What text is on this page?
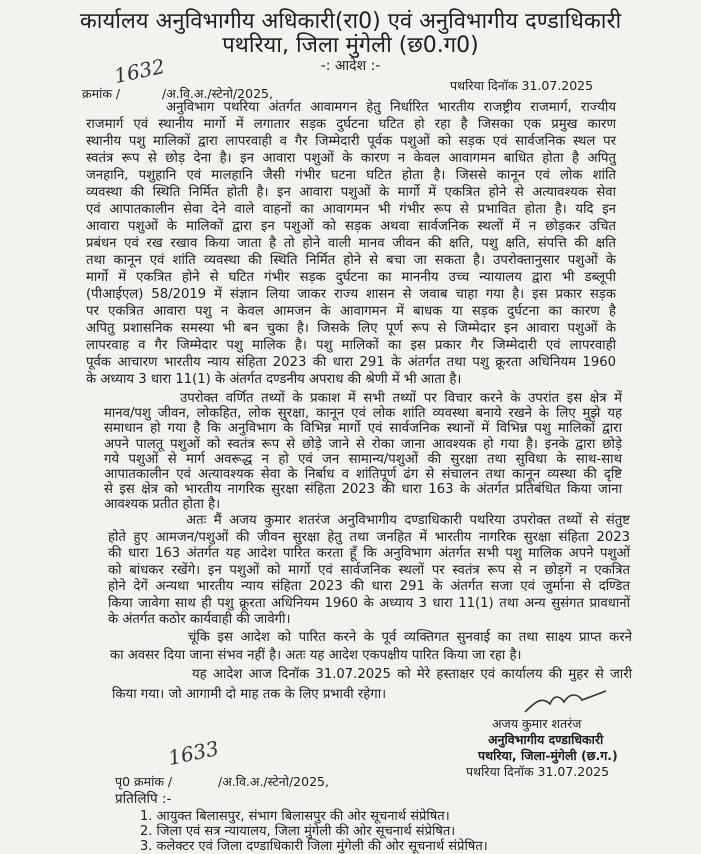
कार्यालय अनुविभागीय अधिकारी(रा0) एवं अनुविभागीय दण्डाधिकारी
पथरिया, जिला मुंगेली (छ0.ग0)
-: आदेश :-
क्रमांक /
1632
/अ.वि.अ./स्टेनो/2025,
पथरिया दिनॉक 31.07.2025
अनुविभाग पथरिया अंतर्गत आवामगन हेतु निर्धारित भारतीय राजष्ट्रीय राजमार्ग, राज्यीय
राजमार्ग एवं स्थानीय मार्गो में लगातार सड़क दुर्घटना घटित हो रहा है जिसका एक प्रमुख कारण
स्थानीय पशु मालिकों द्वारा लापरवाही व गैर जिम्मेदारी पूर्वक पशुओं को सड़क एवं सार्वजनिक स्थल पर
स्वतंत्र रूप से छोड़ देना है। इन आवारा पशुओं के कारण न केवल आवागमन बाधित होता है अपितु
जनहानि, पशुहानि एवं मालहानि जैसी गंभीर घटना घटित होता है। जिससे कानून एवं लोक शांति
व्यवस्था की स्थिति निर्मित होती है। इन आवारा पशुओं के मार्गो में एकत्रित होने से अत्यावश्यक सेवा
एवं आपातकालीन सेवा देने वाले वाहनों का आवागमन भी गंभीर रूप से प्रभावित होता है। यदि इन
आवारा पशुओं के मालिकों द्वारा इन पशुओं को सड़क अथवा सार्वजनिक स्थलों में न छोड़कर उचित
प्रबंधन एवं रख रखाव किया जाता है तो होने वाली मानव जीवन की क्षति, पशु क्षति, संपत्ति की क्षति
तथा कानून एवं शांति व्यवस्था की स्थिति निर्मित होने से बचा जा सकता है। उपरोक्तानुसार पशुओं के
मार्गो में एकत्रित होने से घटित गंभीर सड़क दुर्घटना का माननीय उच्च न्यायालय द्वारा भी डब्लूपी
(पीआईएल) 58/2019 में संज्ञान लिया जाकर राज्य शासन से जवाब चाहा गया है। इस प्रकार सड़क
पर एकत्रित आवारा पशु न केवल आमजन के आवागमन में बाधक या सड़क दुर्घटना का कारण है
अपितु प्रशासनिक समस्या भी बन चुका है। जिसके लिए पूर्ण रूप से जिम्मेदार इन आवारा पशुओं के
लापरवाह व गैर जिम्मेदार पशु मालिक है। पशु मालिकों का इस प्रकार गैर जिम्मेदारी एवं लापरवाही
पूर्वक आचारण भारतीय न्याय संहिता 2023 की धारा 291 के अंतर्गत तथा पशु क्रूरता अधिनियम 1960
के अध्याय 3 धारा 11(1) के अंतर्गत दण्डनीय अपराध की श्रेणी में भी आता है।
उपरोक्त वर्णित तथ्यों के प्रकाश में सभी तथ्यों पर विचार करने के उपरांत इस क्षेत्र में
मानव/पशु जीवन, लोकहित, लोक सुरक्षा, कानून एवं लोक शांति व्यवस्था बनाये रखने के लिए मुझे यह
समाधान हो गया है कि अनुविभाग के विभिन्न मार्गो एवं सार्वजनिक स्थानों में विभिन्न पशु मालिकों द्वारा
अपने पालतू पशुओं को स्वतंत्र रूप से छोड़े जाने से रोका जाना आवश्यक हो गया है। इनके द्वारा छोड़े
गये पशुओं से मार्ग अवरूद्ध न हो एवं जन सामान्य/पशुओं की सुरक्षा तथा सुविधा के साथ-साथ
आपातकालीन एवं अत्यावश्यक सेवा के निर्बाध व शांतिपूर्ण ढंग से संचालन तथा कानून व्यस्था की दृष्टि
से इस क्षेत्र को भारतीय नागरिक सुरक्षा संहिता 2023 की धारा 163 के अंतर्गत प्रतिबंधित किया जाना
आवश्यक प्रतीत होता है।
अतः मैं अजय कुमार शतरंज अनुविभागीय दण्डाधिकारी पथरिया उपरोक्त तथ्यों से संतुष्ट
होते हुए आमजन/पशुओं की जीवन सुरक्षा हेतु तथा जनहित में भारतीय नागरिक सुरक्षा संहिता 2023
की धारा 163 अंतर्गत यह आदेश पारित करता हूँ कि अनुविभाग अंतर्गत सभी पशु मालिक अपने पशुओं
को बांधकर रखेंगे। इन पशुओं को मार्गो एवं सार्वजनिक स्थलों पर स्वतंत्र रूप से न छोड़गें न एकत्रित
होने देगें अन्यथा भारतीय न्याय संहिता 2023 की धारा 291 के अंतर्गत सजा एवं जुर्माना से दण्डित
किया जावेगा साथ ही पशु क्रूरता अधिनियम 1960 के अध्याय 3 धारा 11(1) तथा अन्य सुसंगत प्रावधानों
के अंतर्गत कठोर कार्यवाही की जावेगी।
चूंकि इस आदेश को पारित करने के पूर्व व्यक्तिगत सुनवाई का तथा साक्ष्य प्राप्त करने
का अवसर दिया जाना संभव नहीं है। अतः यह आदेश एकपक्षीय पारित किया जा रहा है।
यह आदेश आज दिनॉक 31.07.2025 को मेरे हस्ताक्षर एवं कार्यालय की मुहर से जारी
किया गया। जो आगामी दो माह तक के लिए प्रभावी रहेगा।
अजय कुमार शतरंज
अनुविभागीय दण्डाधिकारी
पथरिया, जिला-मुंगेली (छ.ग.)
पथरिया दिनॉक 31.07.2025
पृ0 क्रमांक /
1633
/अ.वि.अ./स्टेनो/2025,
प्रतिलिपि :-
1. आयुक्त बिलासपुर, संभाग बिलासपुर की ओर सूचनार्थ संप्रेषित।
2. जिला एवं सत्र न्यायालय, जिला मुंगेली की ओर सूचनार्थ संप्रेषित।
3. कलेक्टर एवं जिला दण्डाधिकारी जिला मुंगेली की ओर सूचनार्थ संप्रेषित।
